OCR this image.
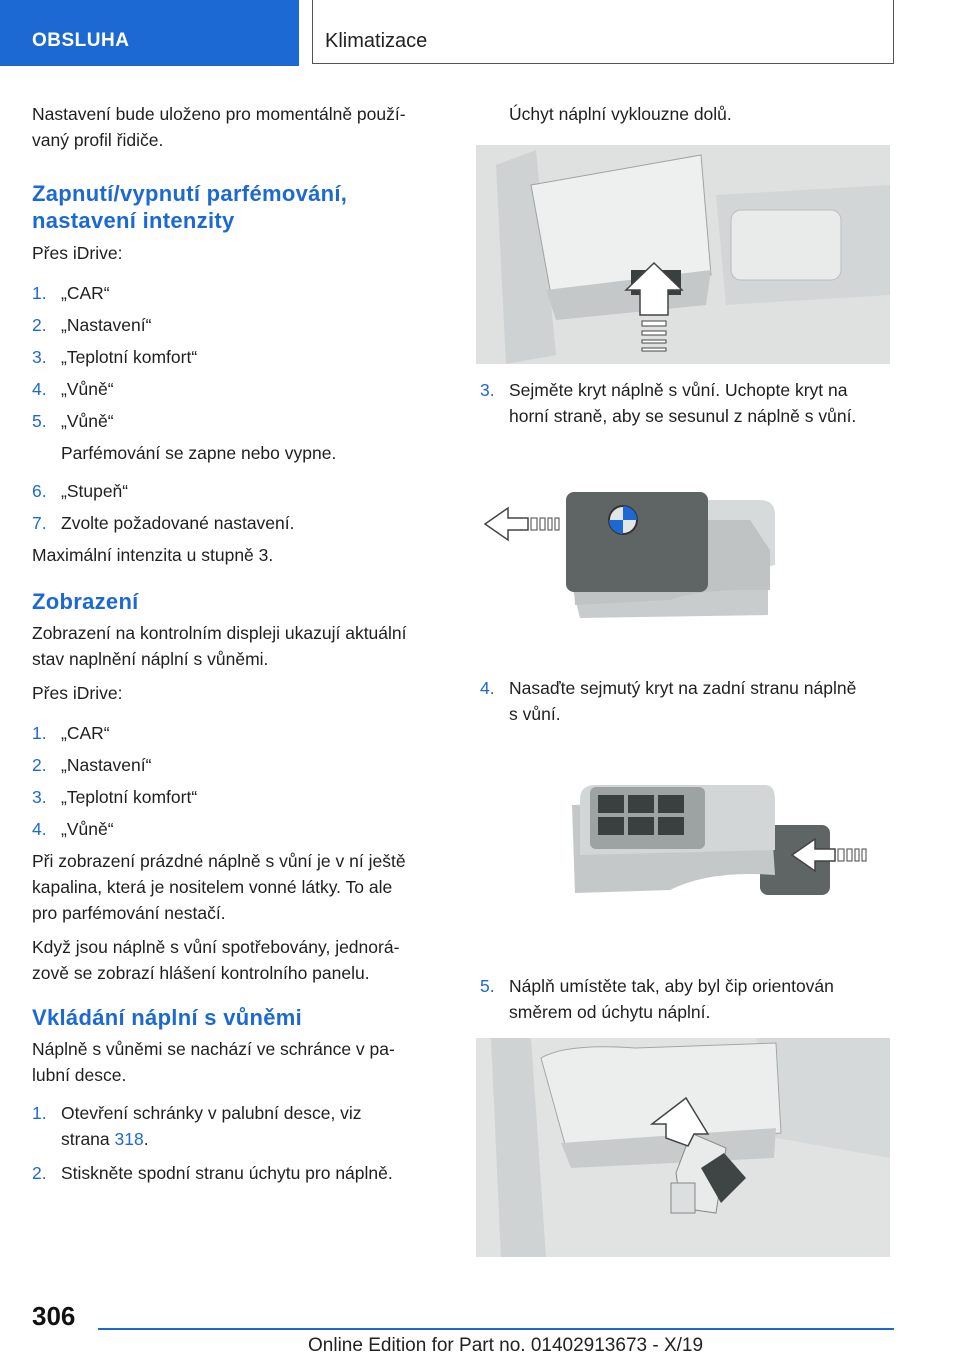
OBSLUHA	Klimatizace

Nastavení bude uloženo pro momentálně použí-

vaný profil řidiče.

Zapnutí/vypnutí parfémování,

nastavení intenzity

Přes iDrive:

1. „CAR“
2. „Nastavení“
3. „Teplotní komfort“
4. „Vůně“
5. „Vůně“
Parfémování se zapne nebo vypne.
6. „Stupeň“
7. Zvolte požadované nastavení.

Maximální intenzita u stupně 3.

Zobrazení

Zobrazení na kontrolním displeji ukazují aktuální

stav naplnění náplní s vůněmi.

Přes iDrive:

1. „CAR“
2. „Nastavení“
3. „Teplotní komfort“
4. „Vůně“

Při zobrazení prázdné náplně s vůní je v ní ještě

kapalina, která je nositelem vonné látky. To ale

pro parfémování nestačí.

Když jsou náplně s vůní spotřebovány, jednorá-

zově se zobrazí hlášení kontrolního panelu.

Vkládání náplní s vůněmi

Náplně s vůněmi se nachází ve schránce v pa-

lubní desce.

1. Otevření schránky v palubní desce, viz
strana 318.
2. Stiskněte spodní stranu úchytu pro náplně.

Úchyt náplní vyklouzne dolů.

3. Sejměte kryt náplně s vůní. Uchopte kryt na
horní straně, aby se sesunul z náplně s vůní.
4. Nasaďte sejmutý kryt na zadní stranu náplně
s vůní.
5. Náplň umístěte tak, aby byl čip orientován
směrem od úchytu náplní.
306
Online Edition for Part no. 01402913673 - X/19
